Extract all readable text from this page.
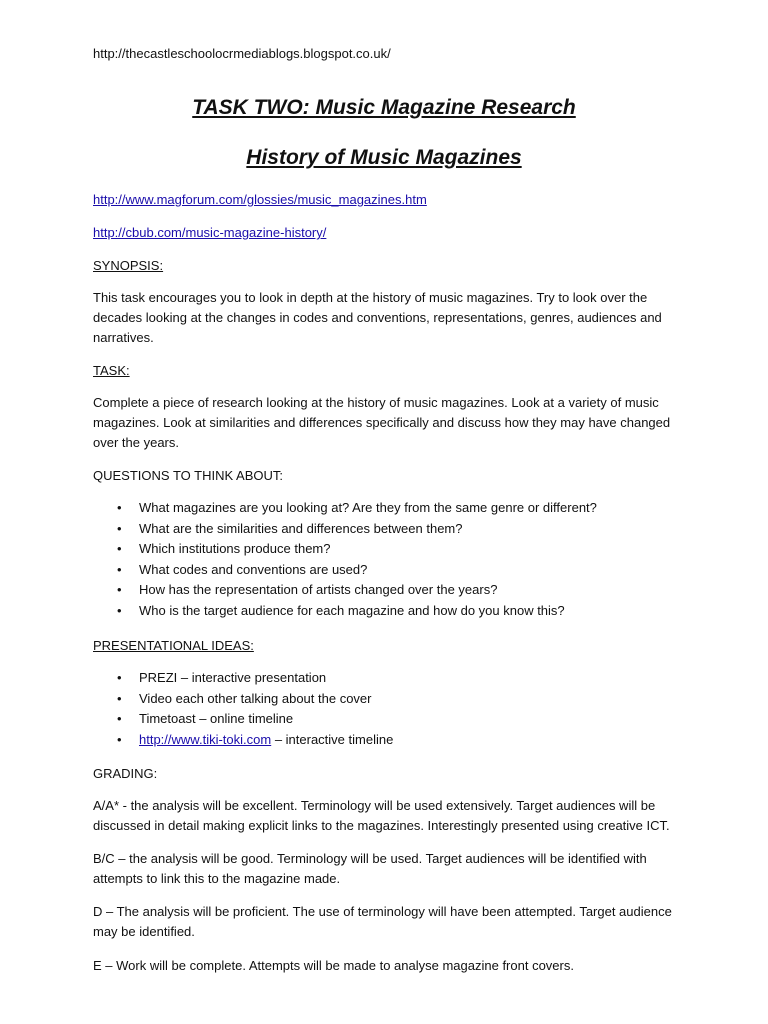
http://thecastleschoolocrmediablogs.blogspot.co.uk/
TASK TWO: Music Magazine Research
History of Music Magazines
http://www.magforum.com/glossies/music_magazines.htm
http://cbub.com/music-magazine-history/
SYNOPSIS:
This task encourages you to look in depth at the history of music magazines. Try to look over the decades looking at the changes in codes and conventions, representations, genres, audiences and narratives.
TASK:
Complete a piece of research looking at the history of music magazines. Look at a variety of music magazines. Look at similarities and differences specifically and discuss how they may have changed over the years.
QUESTIONS TO THINK ABOUT:
• What magazines are you looking at? Are they from the same genre or different?
• What are the similarities and differences between them?
• Which institutions produce them?
• What codes and conventions are used?
• How has the representation of artists changed over the years?
• Who is the target audience for each magazine and how do you know this?
PRESENTATIONAL IDEAS:
• PREZI – interactive presentation
• Video each other talking about the cover
• Timetoast – online timeline
• http://www.tiki-toki.com – interactive timeline
GRADING:
A/A* - the analysis will be excellent. Terminology will be used extensively. Target audiences will be discussed in detail making explicit links to the magazines. Interestingly presented using creative ICT.
B/C – the analysis will be good. Terminology will be used. Target audiences will be identified with attempts to link this to the magazine made.
D – The analysis will be proficient. The use of terminology will have been attempted. Target audience may be identified.
E – Work will be complete. Attempts will be made to analyse magazine front covers.
